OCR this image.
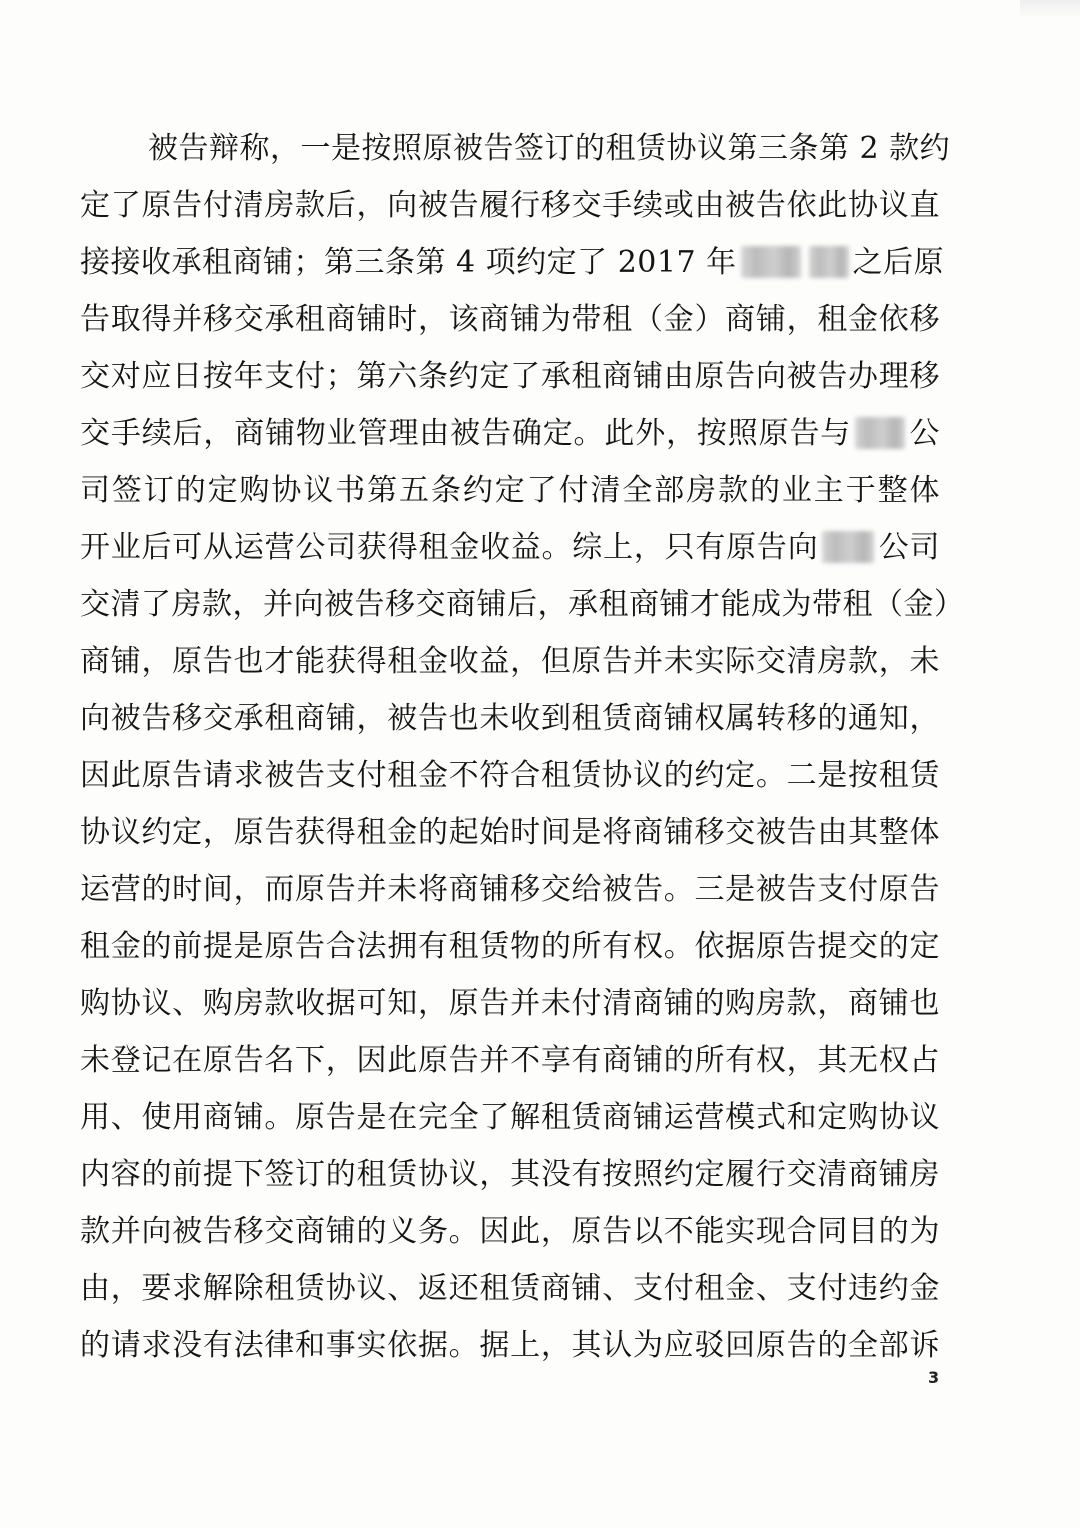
被告辩称，一是按照原被告签订的租赁协议第三条第 2 款约
定了原告付清房款后，向被告履行移交手续或由被告依此协议直
接接收承租商铺；第三条第 4 项约定了 2017 年	之后原
告取得并移交承租商铺时，该商铺为带租（金）商铺，租金依移
交对应日按年支付；第六条约定了承租商铺由原告向被告办理移
交手续后，商铺物业管理由被告确定。此外，按照原告与 公
司签订的定购协议书第五条约定了付清全部房款的业主于整体
开业后可从运营公司获得租金收益。综上，只有原告向 公司
交清了房款，并向被告移交商铺后，承租商铺才能成为带租（金）
商铺，原告也才能获得租金收益，但原告并未实际交清房款，未
向被告移交承租商铺，被告也未收到租赁商铺权属转移的通知，
因此原告请求被告支付租金不符合租赁协议的约定。二是按租赁
协议约定，原告获得租金的起始时间是将商铺移交被告由其整体
运营的时间，而原告并未将商铺移交给被告。三是被告支付原告
租金的前提是原告合法拥有租赁物的所有权。依据原告提交的定
购协议、购房款收据可知，原告并未付清商铺的购房款，商铺也
未登记在原告名下，因此原告并不享有商铺的所有权，其无权占
用、使用商铺。原告是在完全了解租赁商铺运营模式和定购协议
内容的前提下签订的租赁协议，其没有按照约定履行交清商铺房
款并向被告移交商铺的义务。因此，原告以不能实现合同目的为
由，要求解除租赁协议、返还租赁商铺、支付租金、支付违约金
的请求没有法律和事实依据。据上，其认为应驳回原告的全部诉
3
